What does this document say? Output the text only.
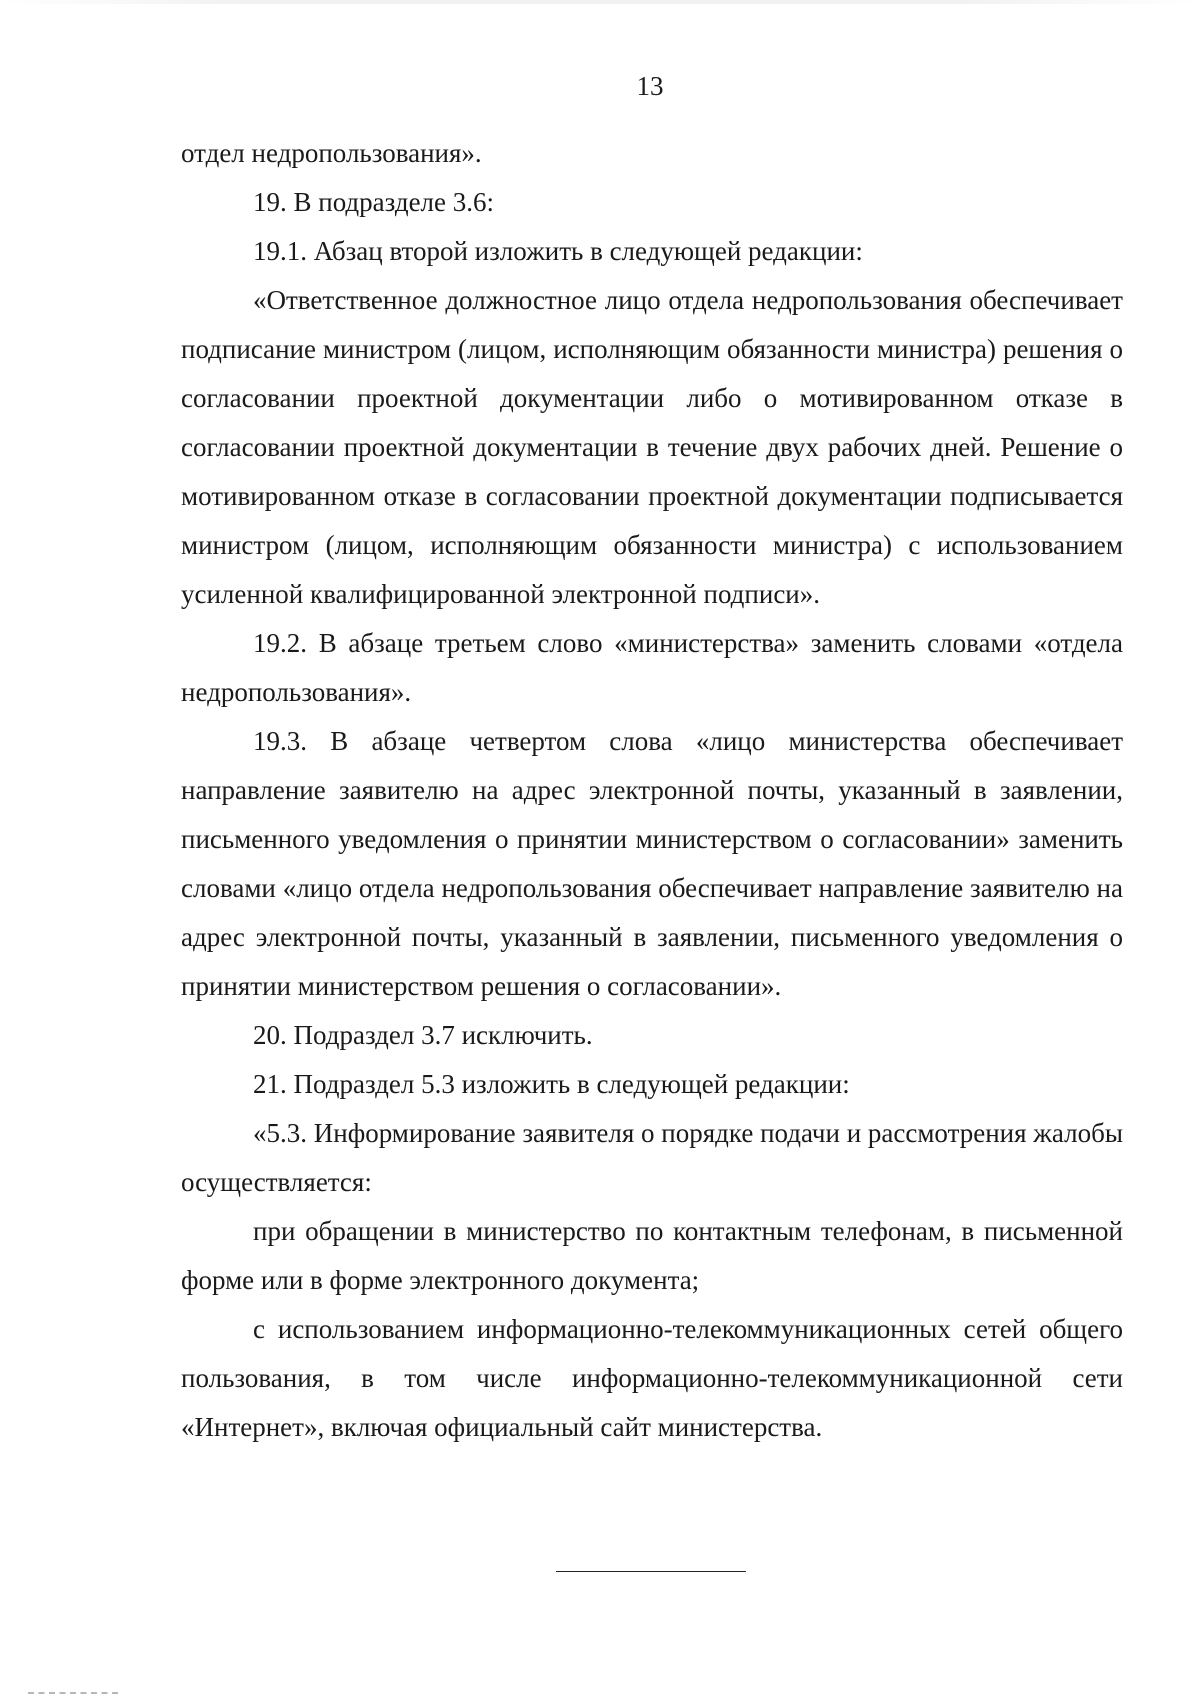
13

отдел недропользования».

19. В подразделе 3.6:

19.1. Абзац второй изложить в следующей редакции:

«Ответственное должностное лицо отдела недропользования обеспечивает подписание министром (лицом, исполняющим обязанности министра) решения о согласовании проектной документации либо о мотивированном отказе в согласовании проектной документации в течение двух рабочих дней. Решение о мотивированном отказе в согласовании проектной документации подписывается министром (лицом, исполняющим обязанности министра) с использованием усиленной квалифицированной электронной подписи».

19.2. В абзаце третьем слово «министерства» заменить словами «отдела недропользования».

19.3. В абзаце четвертом слова «лицо министерства обеспечивает направление заявителю на адрес электронной почты, указанный в заявлении, письменного уведомления о принятии министерством о согласовании» заменить словами «лицо отдела недропользования обеспечивает направление заявителю на адрес электронной почты, указанный в заявлении, письменного уведомления о принятии министерством решения о согласовании».

20. Подраздел 3.7 исключить.

21. Подраздел 5.3 изложить в следующей редакции:

«5.3. Информирование заявителя о порядке подачи и рассмотрения жалобы осуществляется:

при обращении в министерство по контактным телефонам, в письменной форме или в форме электронного документа;

с использованием информационно-телекоммуникационных сетей общего пользования, в том числе информационно-телекоммуникационной сети «Интернет», включая официальный сайт министерства.
